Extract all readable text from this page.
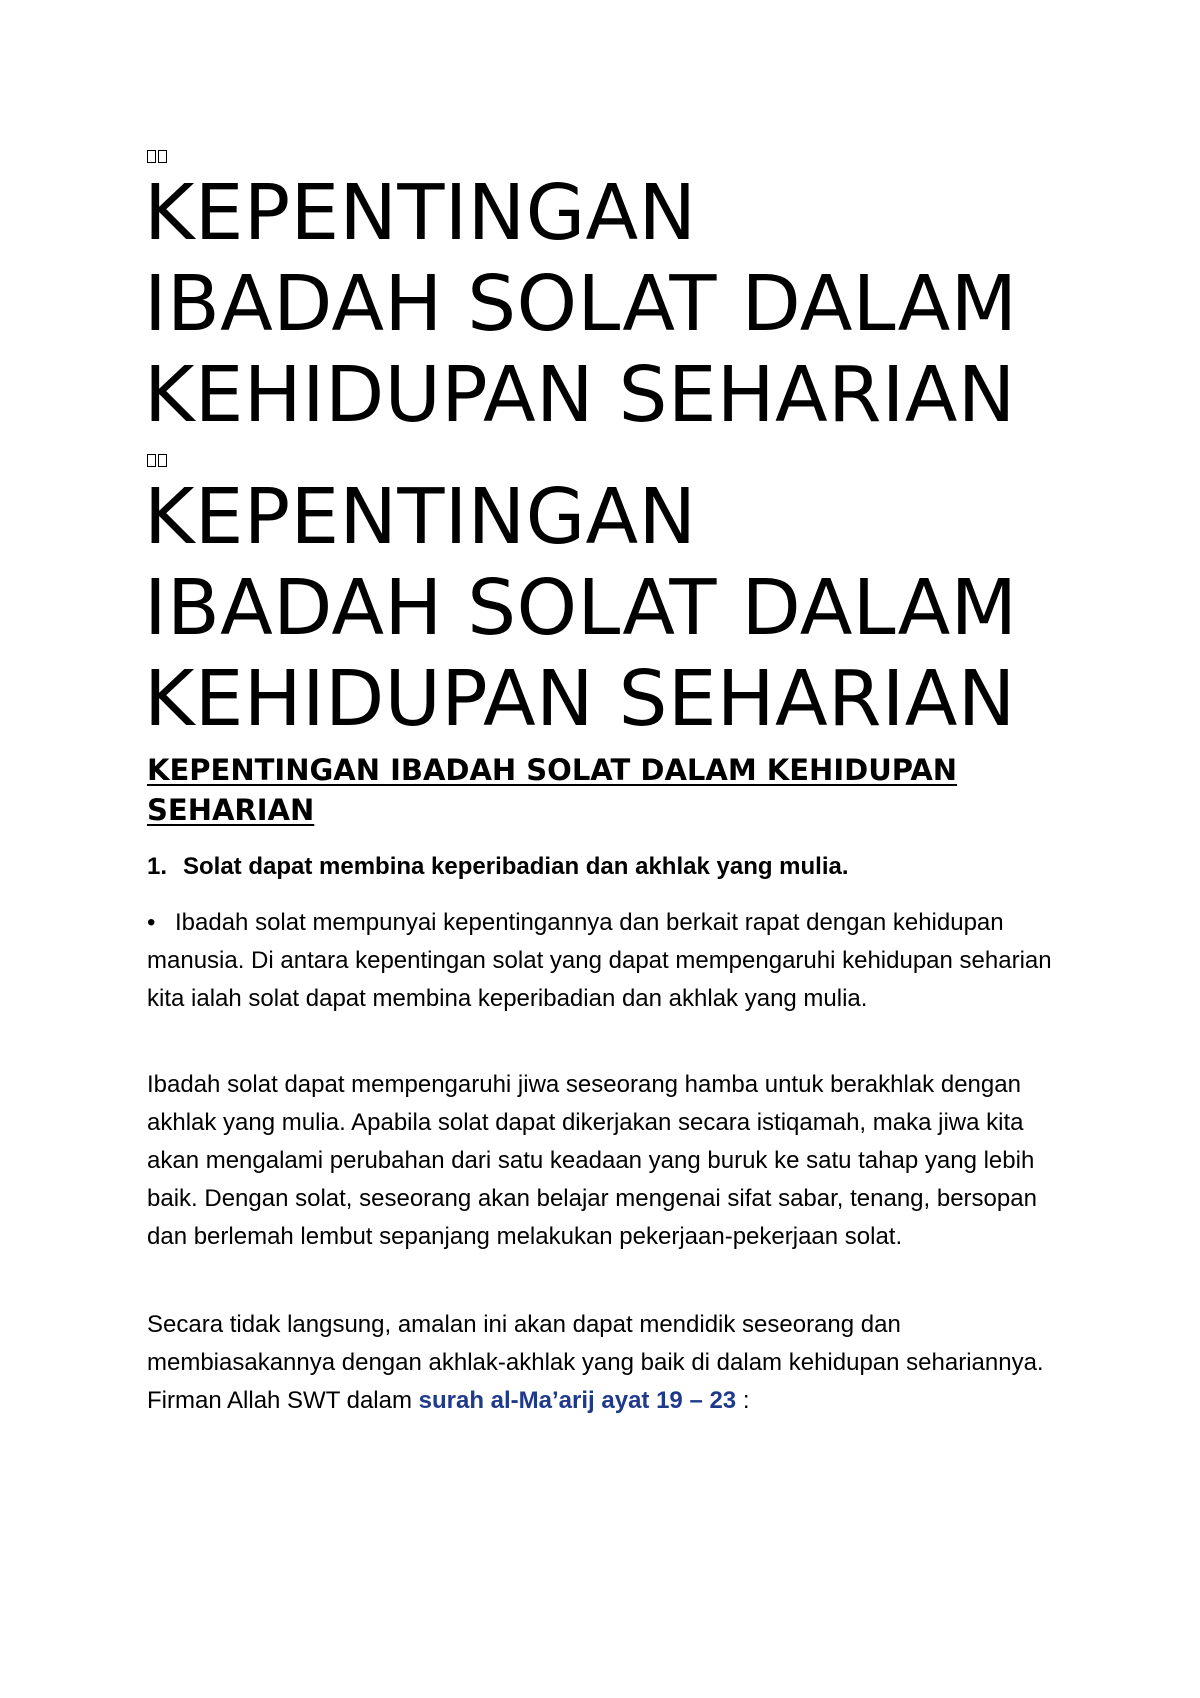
KEPENTINGAN
IBADAH SOLAT DALAM
KEHIDUPAN SEHARIAN
KEPENTINGAN
IBADAH SOLAT DALAM
KEHIDUPAN SEHARIAN
KEPENTINGAN IBADAH SOLAT DALAM KEHIDUPAN SEHARIAN

1. Solat dapat membina keperibadian dan akhlak yang mulia.

• Ibadah solat mempunyai kepentingannya dan berkait rapat dengan kehidupan manusia. Di antara kepentingan solat yang dapat mempengaruhi kehidupan seharian kita ialah solat dapat membina keperibadian dan akhlak yang mulia.

Ibadah solat dapat mempengaruhi jiwa seseorang hamba untuk berakhlak dengan akhlak yang mulia. Apabila solat dapat dikerjakan secara istiqamah, maka jiwa kita akan mengalami perubahan dari satu keadaan yang buruk ke satu tahap yang lebih baik. Dengan solat, seseorang akan belajar mengenai sifat sabar, tenang, bersopan dan berlemah lembut sepanjang melakukan pekerjaan-pekerjaan solat.

Secara tidak langsung, amalan ini akan dapat mendidik seseorang dan membiasakannya dengan akhlak-akhlak yang baik di dalam kehidupan sehariannya. Firman Allah SWT dalam surah al-Ma’arij ayat 19 – 23 :
